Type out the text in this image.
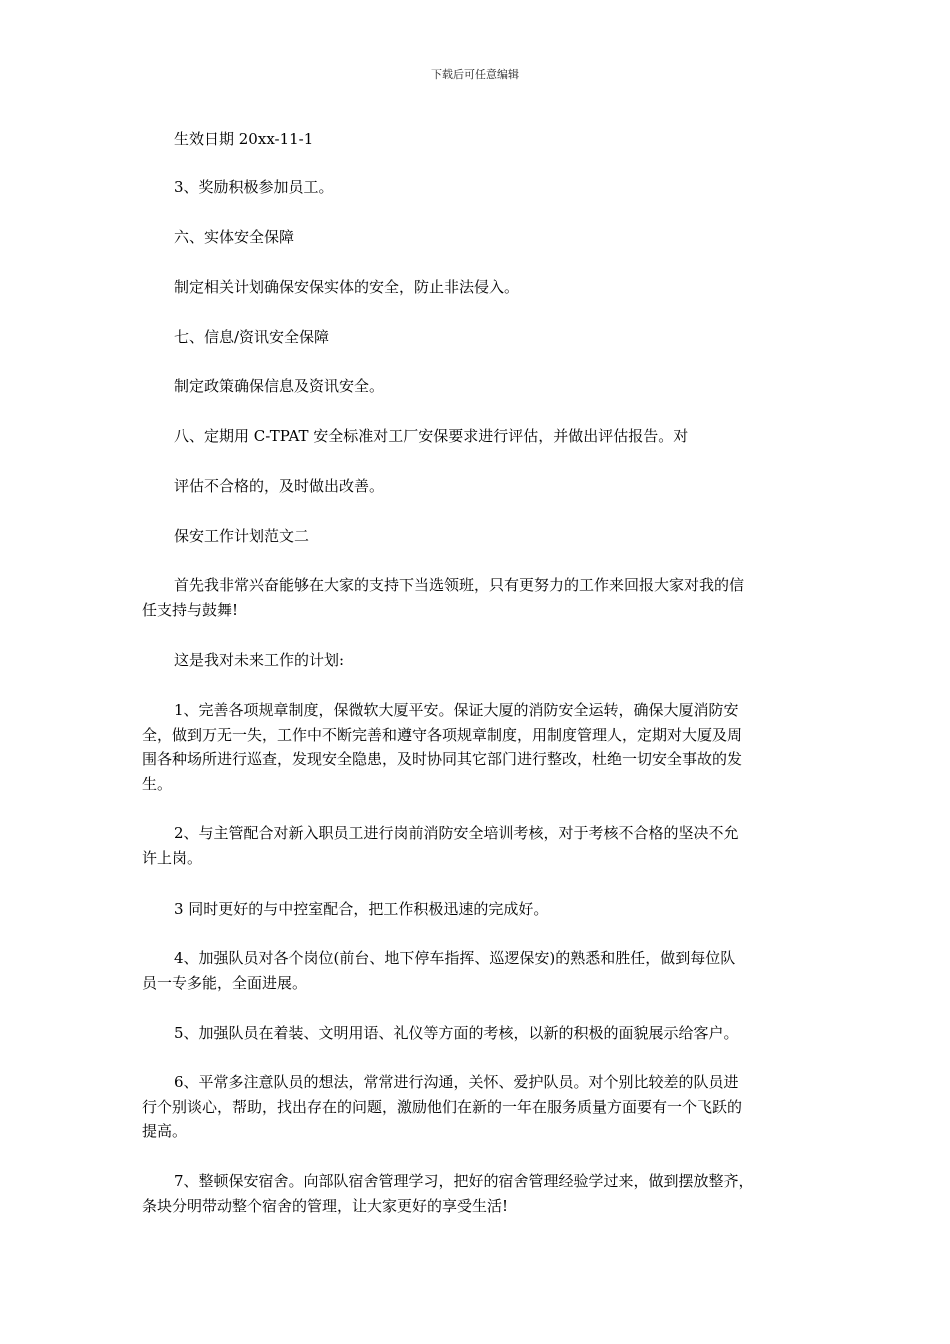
下载后可任意编辑
生效日期 20xx-11-1
3、奖励积极参加员工。
六、实体安全保障
制定相关计划确保安保实体的安全，防止非法侵入。
七、信息/资讯安全保障
制定政策确保信息及资讯安全。
八、定期用 C-TPAT 安全标准对工厂安保要求进行评估，并做出评估报告。对
评估不合格的，及时做出改善。
保安工作计划范文二
首先我非常兴奋能够在大家的支持下当选领班，只有更努力的工作来回报大家对我的信
任支持与鼓舞!
这是我对未来工作的计划:
1、完善各项规章制度，保微软大厦平安。保证大厦的消防安全运转，确保大厦消防安
全，做到万无一失，工作中不断完善和遵守各项规章制度，用制度管理人，定期对大厦及周
围各种场所进行巡查，发现安全隐患，及时协同其它部门进行整改，杜绝一切安全事故的发
生。
2、与主管配合对新入职员工进行岗前消防安全培训考核，对于考核不合格的坚决不允
许上岗。
3 同时更好的与中控室配合，把工作积极迅速的完成好。
4、加强队员对各个岗位(前台、地下停车指挥、巡逻保安)的熟悉和胜任，做到每位队
员一专多能，全面进展。
5、加强队员在着装、文明用语、礼仪等方面的考核，以新的积极的面貌展示给客户。
6、平常多注意队员的想法，常常进行沟通，关怀、爱护队员。对个别比较差的队员进
行个别谈心，帮助，找出存在的问题，激励他们在新的一年在服务质量方面要有一个飞跃的
提高。
7、整顿保安宿舍。向部队宿舍管理学习，把好的宿舍管理经验学过来，做到摆放整齐，
条块分明带动整个宿舍的管理，让大家更好的享受生活!
